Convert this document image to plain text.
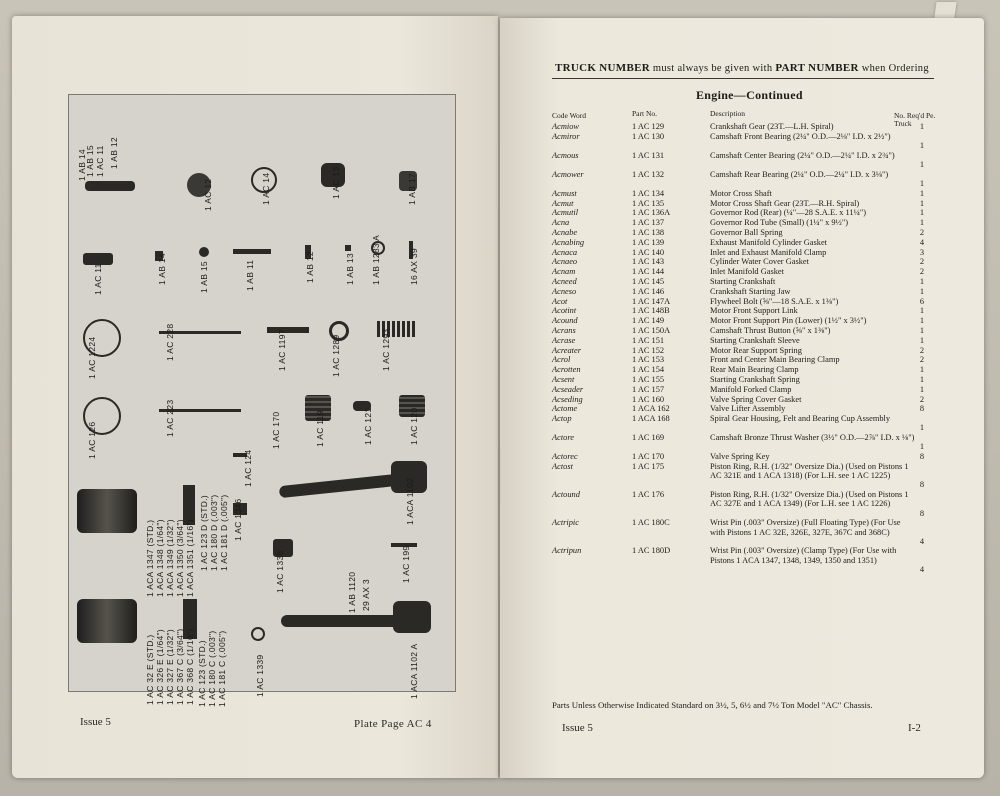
1 AB 14
1 AB 15 1 AC 11 1 AB 12
1 AC 12	1 AC 14	1 AC 13	1 AB 17
1 AC 11	1 AB 14	1 AB 15	1 AB 11	1 AB 12	1 AB 13 1 AB 1283 A	16 AX 39
1 AC 1224	1 AC 228	1 AC 1197	1 AC 1289	1 AC 1293
1 AC 126
1 AC 223	1 AC 170	1 AC 119	1 AC 121	1 AC 120
1 AC 124
1 ACA 1102
1 ACA 1347 (STD.) 1 ACA 1348 (1/64") 1 ACA 1349 (1/32") 1 ACA 1350 (3/64") 1 ACA 1351 (1/16") 1 AC 123 D (STD.) 1 AC 180 D (.003") 1 AC 181 D (.005") 1 AC 1346
1 AC 1338	1 AB 1120 29 AX 3
1 AC 199
1 AC 32 E (STD.) 1 AC 326 E (1/64") 1 AC 327 E (1/32") 1 AC 367 C (3/64") 1 AC 368 C (1/16") 1 AC 123 (STD.) 1 AC 180 C (.003") 1 AC 181 C (.005")	1 AC 1339	1 ACA 1102 A
Issue 5	Plate Page AC 4
TRUCK NUMBER must always be given with PART NUMBER when Ordering
Engine—Continued
Code Word	Part No.	Description	No. Req'd Pe. Truck
Acmiow	1 AC 129	Crankshaft Gear (23T.—L.H. Spiral)	1
Acmiror	1 AC 130	Camshaft Front Bearing (2¼" O.D.—2⅛" I.D. x 2½")
1
Acmous	1 AC 131	Camshaft Center Bearing (2¼" O.D.—2¼" I.D. x 2¾")
1
Acmower	1 AC 132	Camshaft Rear Bearing (2¼" O.D.—2¼" I.D. x 3⅛")
1
Acmust	1 AC 134	Motor Cross Shaft	1
Acmut	1 AC 135	Motor Cross Shaft Gear (23T.—R.H. Spiral)	1
Acmutil	1 AC 136A	Governor Rod (Rear) (¼"—28 S.A.E. x 11¼")	1
Acna	1 AC 137	Governor Rod Tube (Small) (1¼" x 9½")	1
Acnabe	1 AC 138	Governor Ball Spring	2
Acnabing	1 AC 139	Exhaust Manifold Cylinder Gasket	4
Acnaca	1 AC 140	Inlet and Exhaust Manifold Clamp	3
Acnaeo	1 AC 143	Cylinder Water Cover Gasket	2
Acnam	1 AC 144	Inlet Manifold Gasket	2
Acneed	1 AC 145	Starting Crankshaft	1
Acneso	1 AC 146	Crankshaft Starting Jaw	1
Acot	1 AC 147A	Flywheel Bolt (⅝"—18 S.A.E. x 1⅜")	6
Acotint	1 AC 148B	Motor Front Support Link	1
Acound	1 AC 149	Motor Front Support Pin (Lower) (1½" x 3½")	1
Acrans	1 AC 150A	Camshaft Thrust Button (⅝" x 1⅜")	1
Acrase	1 AC 151	Starting Crankshaft Sleeve	1
Acreater	1 AC 152	Motor Rear Support Spring	2
Acrol	1 AC 153	Front and Center Main Bearing Clamp	2
Acrotten	1 AC 154	Rear Main Bearing Clamp	1
Acsent	1 AC 155	Starting Crankshaft Spring	1
Acseader	1 AC 157	Manifold Forked Clamp	1
Acseding	1 AC 160	Valve Spring Cover Gasket	2
Actome	1 ACA 162	Valve Lifter Assembly	8
Actop	1 ACA 168	Spiral Gear Housing, Felt and Bearing Cup Assembly
1
Actore	1 AC 169	Camshaft Bronze Thrust Washer (3½" O.D.—2⅞" I.D. x ⅛")
1
Actorec	1 AC 170	Valve Spring Key	8
Actost	1 AC 175	Piston Ring, R.H. (1/32" Oversize Dia.) (Used on Pistons 1 AC 321E and 1 ACA 1318) (For L.H. see 1 AC 1225)
8
Actound	1 AC 176	Piston Ring, R.H. (1/32" Oversize Dia.) (Used on Pistons 1 AC 327E and 1 ACA 1349) (For L.H. see 1 AC 1226)
8
Actripic	1 AC 180C	Wrist Pin (.003" Oversize) (Full Floating Type) (For Use with Pistons 1 AC 32E, 326E, 327E, 367C and 368C)
4
Actripun	1 AC 180D	Wrist Pin (.003" Oversize) (Clamp Type) (For Use with Pistons 1 ACA 1347, 1348, 1349, 1350 and 1351)
4
Parts Unless Otherwise Indicated Standard on 3½, 5, 6½ and 7½ Ton Model "AC" Chassis.
Issue 5	I-2
